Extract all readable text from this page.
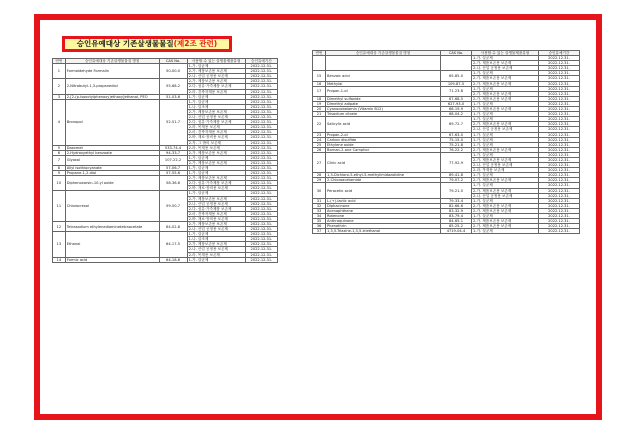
승인유예대상 기존살생물물질(제2조 관련)
연번	승인유예대상 기존살생물물질 명칭	CAS No.	사용할 수 있는 살생물제품유형	승인유예기간
1	Formaldehyde Formalin	50-00-0	1-가. 살균제	2022.12.31.
			2-가. 제품보존용 보존제	2022.12.31.
			2-나. 산업 공정용 보존제	2022.12.31.
2	2-Nitrobutyl-1,3-propanediol	55-68-2	2-가. 제품보존용 보존제	2022.12.31.
			2-다. 섬유·가죽제품 보존제	2022.12.31.
			2-라. 건축자재용 보존제	2022.12.31.
3	2-[2-(p-isooctylphenoxy)ethoxy]ethanol, PEO	51-03-6	1-가. 살균제	2022.12.31.
4	Bronopol	52-51-7	1-가. 살균제	2022.12.31.
			1-나. 살조제	2022.12.31.
			2-가. 제품보존용 보존제	2022.12.31.
			2-나. 산업 공정용 보존제	2022.12.31.
			2-다. 섬유·가죽제품 보존제	2022.12.31.
			2-라. 목재용 보존제	2022.12.31.
			2-마. 건축자재용 보존제	2022.12.31.
			2-바. 재료·장비용 보존제	2022.12.31.
			2-자. 그 밖의 보존제	2022.12.31.
5	Dazomet	533-74-4	2-라. 목재용 보존제	2022.12.31.
6	2-Hydroxyethyl benzoate	94-33-7	2-가. 제품보존용 보존제	2022.12.31.
7	Glyoxal	107-22-2	1-가. 살균제	2022.12.31.
			2-가. 제품보존용 보존제	2022.12.31.
8	Allyl isothiocyanate	57-06-7	1-가. 살균제	2022.12.31.
9	Propane-1,2-diol	57-55-6	1-가. 살균제	2022.12.31.
10	Diphenoxarsin-10-yl oxide	58-36-6	2-가. 제품보존용 보존제	2022.12.31.
			2-다. 섬유·가죽제품 보존제	2022.12.31.
			2-바. 재료·장비용 보존제	2022.12.31.
11	Chlorocresol	59-50-7	1-가. 살균제	2022.12.31.
			2-가. 제품보존용 보존제	2022.12.31.
			2-나. 산업 공정용 보존제	2022.12.31.
			2-다. 섬유·가죽제품 보존제	2022.12.31.
			2-마. 건축자재용 보존제	2022.12.31.
			2-바. 재료·장비용 보존제	2022.12.31.
12	Tetrasodium ethylenediaminetetraacetate	64-02-8	2-가. 제품보존용 보존제	2022.12.31.
			2-나. 산업 공정용 보존제	2022.12.31.
13	Ethanol	64-17-5	1-가. 살균제	2022.12.31.
			1-나. 살조제	2022.12.31.
			2-가. 제품보존용 보존제	2022.12.31.
			2-나. 산업 공정용 보존제	2022.12.31.
			2-라. 목재용 보존제	2022.12.31.
14	Formic acid	64-18-6	1-가. 살균제	2022.12.31.
연번	승인유예대상 기존살생물물질 명칭	CAS No.	사용할 수 있는 살생물제품유형	승인유예기간
			1-가. 살균제	2022.12.31.
			2-가. 제품보존용 보존제	2022.12.31.
			2-나. 산업 공정용 보존제	2022.12.31.
15	Benzoic acid	65-85-0	1-가. 살균제	2022.12.31.
			2-가. 제품보존용 보존제	2022.12.31.
16	Methylal	109-87-5	2-가. 제품보존용 보존제	2022.12.31.
17	Propan-1-ol	71-23-8	1-가. 살균제	2022.12.31.
			2-가. 제품보존용 보존제	2022.12.31.
18	Dimethyl sulfoxide	67-68-5	2-가. 제품보존용 보존제	2022.12.31.
19	Dimethyl adipate	627-93-0	1-가. 살균제	2022.12.31.
20	Cyanocobalamin (Vitamin B12)	68-19-9	2-가. 제품보존용 보존제	2022.12.31.
21	Trisodium citrate	68-04-2	1-가. 살균제	2022.12.31.
22	Salicylic acid	69-72-7	1-가. 살균제	2022.12.31.
			2-가. 제품보존용 보존제	2022.12.31.
			2-나. 산업 공정용 보존제	2022.12.31.
23	Propan-2-ol	67-63-0	1-가. 살균제	2022.12.31.
24	Carbon disulfide	75-15-0	1-가. 살균제	2022.12.31.
25	Ethylene oxide	75-21-8	1-가. 살균제	2022.12.31.
26	Bornan-2-one Camphor	76-22-2	2-가. 제품보존용 보존제	2022.12.31.
27	Citric acid	77-92-9	1-가. 살균제	2022.12.31.
			2-가. 제품보존용 보존제	2022.12.31.
			2-나. 산업 공정용 보존제	2022.12.31.
			2-라. 목재용 보존제	2022.12.31.
28	1,3-Dichloro-5-ethyl-5-methylimidazolidine	89-41-8	1-가. 살균제	2022.12.31.
29	2-Chloroacetamide	79-07-2	2-가. 제품보존용 보존제	2022.12.31.
30	Peracetic acid	79-21-0	1-가. 살균제	2022.12.31.
			2-가. 제품보존용 보존제	2022.12.31.
			2-나. 산업 공정용 보존제	2022.12.31.
31	L-(+)-lactic acid	79-33-4	1-가. 살균제	2022.12.31.
32	Diphacinone	82-66-6	2-가. 제품보존용 보존제	2022.12.31.
33	Acenaphthene	83-32-9	2-가. 제품보존용 보존제	2022.12.31.
34	Rotenone	83-79-4	1-가. 살균제	2022.12.31.
35	Anthraquinone	84-65-1	2-가. 제품보존용 보존제	2022.12.31.
36	Phenothrin	85-25-2	2-가. 제품보존용 보존제	2022.12.31.
37	1,3,5-Triazine-1,3,5-triethanol	4719-04-4	1-가. 살균제	2022.12.31.
